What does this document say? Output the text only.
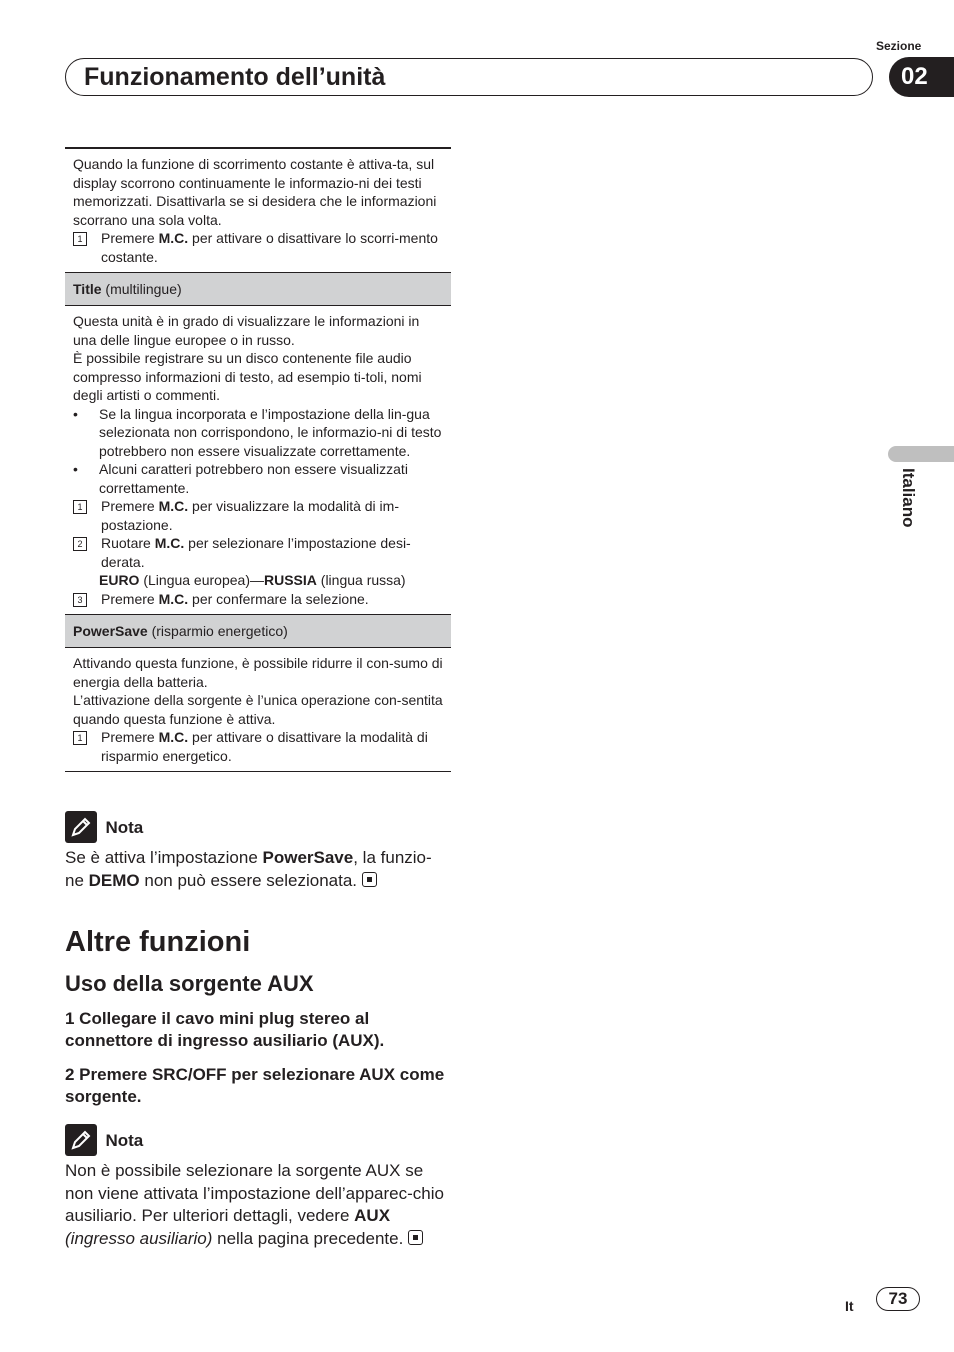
Funzionamento dell’unità
Sezione
02
Italiano

Quando la funzione di scorrimento costante è attiva-ta, sul display scorrono continuamente le informazio-ni dei testi memorizzati. Disattivarla se si desidera che le informazioni scorrano una sola volta.

1	Premere M.C. per attivare o disattivare lo scorri-mento costante.
Title (multilingue)

Questa unità è in grado di visualizzare le informazioni in una delle lingue europee o in russo.

È possibile registrare su un disco contenente file audio compresso informazioni di testo, ad esempio ti-toli, nomi degli artisti o commenti.

•	Se la lingua incorporata e l’impostazione della lin-gua selezionata non corrispondono, le informazio-ni di testo potrebbero non essere visualizzate correttamente.
•	Alcuni caratteri potrebbero non essere visualizzati correttamente.
1	Premere M.C. per visualizzare la modalità di im-postazione.
2	Ruotare M.C. per selezionare l’impostazione desi-derata.
EURO (Lingua europea)—RUSSIA (lingua russa)
3	Premere M.C. per confermare la selezione.
PowerSave (risparmio energetico)

Attivando questa funzione, è possibile ridurre il con-sumo di energia della batteria.

L’attivazione della sorgente è l’unica operazione con-sentita quando questa funzione è attiva.

1	Premere M.C. per attivare o disattivare la modalità di risparmio energetico.
Nota
Se è attiva l’impostazione PowerSave, la funzio-ne DEMO non può essere selezionata.
Altre funzioni
Uso della sorgente AUX
1 Collegare il cavo mini plug stereo al connettore di ingresso ausiliario (AUX).
2 Premere SRC/OFF per selezionare AUX come sorgente.
Nota
Non è possibile selezionare la sorgente AUX se non viene attivata l’impostazione dell’apparec-chio ausiliario. Per ulteriori dettagli, vedere AUX (ingresso ausiliario) nella pagina precedente.
It	73
